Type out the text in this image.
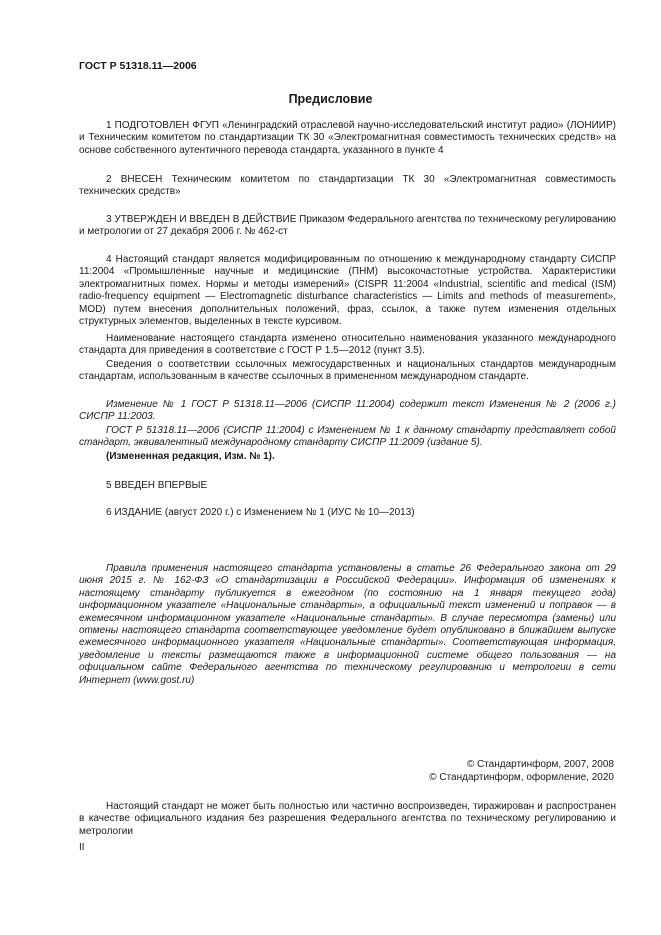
ГОСТ Р 51318.11—2006
Предисловие

1 ПОДГОТОВЛЕН ФГУП «Ленинградский отраслевой научно-исследовательский институт радио» (ЛОНИИР) и Техническим комитетом по стандартизации ТК 30 «Электромагнитная совместимость технических средств» на основе собственного аутентичного перевода стандарта, указанного в пункте 4

2 ВНЕСЕН Техническим комитетом по стандартизации ТК 30 «Электромагнитная совместимость технических средств»

3 УТВЕРЖДЕН И ВВЕДЕН В ДЕЙСТВИЕ Приказом Федерального агентства по техническому регулированию и метрологии от 27 декабря 2006 г. № 462-ст

4 Настоящий стандарт является модифицированным по отношению к международному стандарту СИСПР 11:2004 «Промышленные научные и медицинские (ПНМ) высокочастотные устройства. Характеристики электромагнитных помех. Нормы и методы измерений» (CISPR 11:2004 «Industrial, scientific and medical (ISM) radio-frequency equipment — Electromagnetic disturbance characteristics — Limits and methods of measurement», MOD) путем внесения дополнительных положений, фраз, ссылок, а также путем изменения отдельных структурных элементов, выделенных в тексте курсивом.

Наименование настоящего стандарта изменено относительно наименования указанного международного стандарта для приведения в соответствие с ГОСТ Р 1.5—2012 (пункт 3.5).

Сведения о соответствии ссылочных межгосударственных и национальных стандартов международным стандартам, использованным в качестве ссылочных в примененном международном стандарте.

Изменение № 1 ГОСТ Р 51318.11—2006 (СИСПР 11:2004) содержит текст Изменения № 2 (2006 г.) СИСПР 11:2003.

ГОСТ Р 51318.11—2006 (СИСПР 11:2004) с Изменением № 1 к данному стандарту представляет собой стандарт, эквивалентный международному стандарту СИСПР 11:2009 (издание 5).

(Измененная редакция, Изм. № 1).

5 ВВЕДЕН ВПЕРВЫЕ

6 ИЗДАНИЕ (август 2020 г.) с Изменением № 1 (ИУС № 10—2013)

Правила применения настоящего стандарта установлены в статье 26 Федерального закона от 29 июня 2015 г. № 162-ФЗ «О стандартизации в Российской Федерации». Информация об изменениях к настоящему стандарту публикуется в ежегодном (по состоянию на 1 января текущего года) информационном указателе «Национальные стандарты», а официальный текст изменений и поправок — в ежемесячном информационном указателе «Национальные стандарты». В случае пересмотра (замены) или отмены настоящего стандарта соответствующее уведомление будет опубликовано в ближайшем выпуске ежемесячного информационного указателя «Национальные стандарты». Соответствующая информация, уведомление и тексты размещаются также в информационной системе общего пользования — на официальном сайте Федерального агентства по техническому регулированию и метрологии в сети Интернет (www.gost.ru)

© Стандартинформ, 2007, 2008
© Стандартинформ, оформление, 2020

Настоящий стандарт не может быть полностью или частично воспроизведен, тиражирован и распространен в качестве официального издания без разрешения Федерального агентства по техническому регулированию и метрологии

II
